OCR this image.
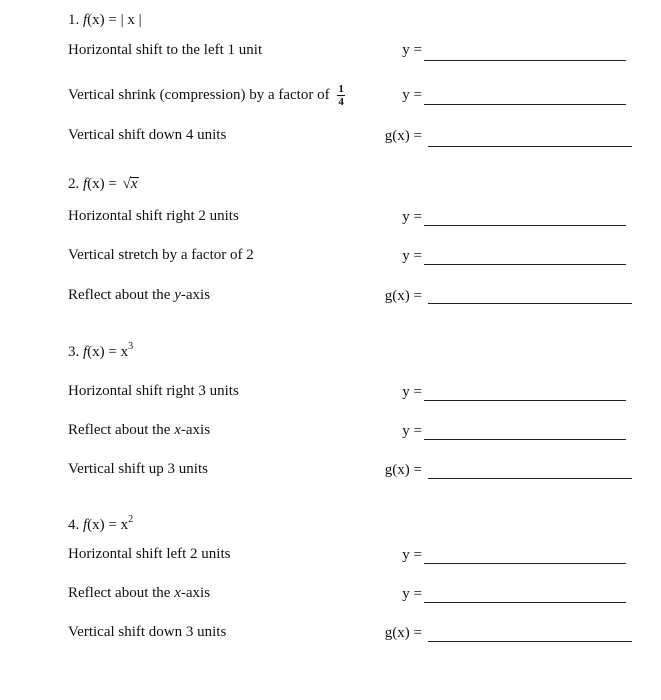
1. f(x) = | x |
Horizontal shift to the left 1 unit	y =
Vertical shrink (compression) by a factor of $\frac{1}{4}$	y =
Vertical shift down 4 units	g(x) =
2. f(x) = √
x
Horizontal shift right 2 units	y =
Vertical stretch by a factor of 2	y =
Reflect about the y-axis	g(x) =
3. $f(x) = x^3$
Horizontal shift right 3 units	y =
Reflect about the x-axis	y =
Vertical shift up 3 units	g(x) =
4. $f(x) = x^2$
Horizontal shift left 2 units	y =
Reflect about the x-axis	y =
Vertical shift down 3 units	g(x) =
